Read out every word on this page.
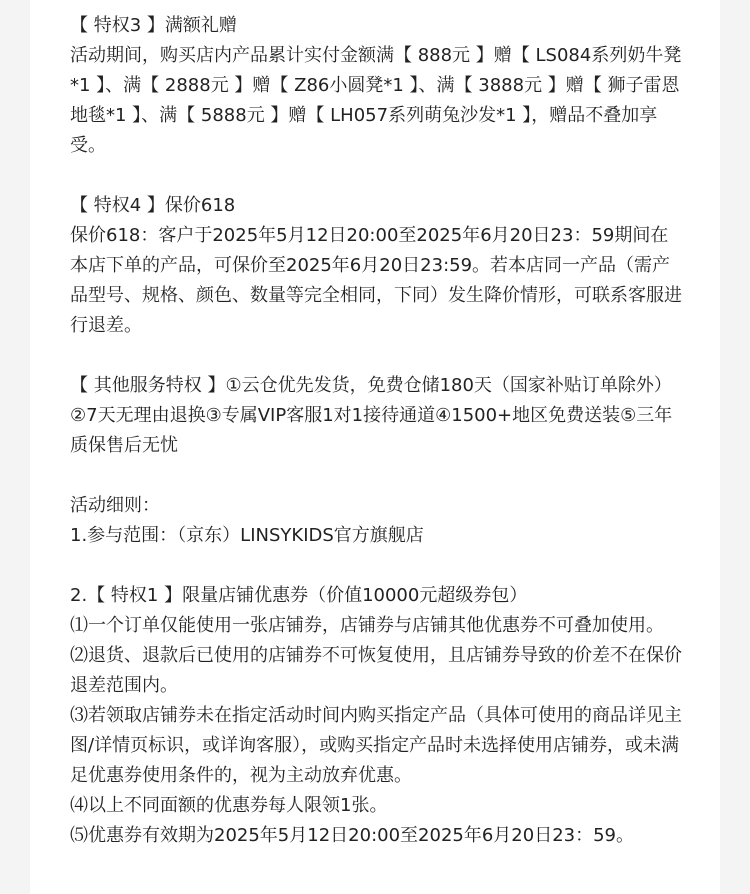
【 特权3 】满额礼赠

活动期间，购买店内产品累计实付金额满【 888元 】赠【 LS084系列奶牛凳*1 】、满【 2888元 】赠【 Z86小圆凳*1 】、满【 3888元 】赠【 狮子雷恩地毯*1 】、满【 5888元 】赠【 LH057系列萌兔沙发*1 】，赠品不叠加享受。

【 特权4 】保价618

保价618：客户于2025年5月12日20:00至2025年6月20日23：59期间在本店下单的产品，可保价至2025年6月20日23:59。若本店同一产品（需产品型号、规格、颜色、数量等完全相同，下同）发生降价情形，可联系客服进行退差。

【 其他服务特权 】①云仓优先发货，免费仓储180天（国家补贴订单除外）②7天无理由退换③专属VIP客服1对1接待通道④1500+地区免费送装⑤三年质保售后无忧

活动细则：

1.参与范围：（京东）LINSYKIDS官方旗舰店

2.【 特权1 】限量店铺优惠券（价值10000元超级券包）

⑴一个订单仅能使用一张店铺券，店铺券与店铺其他优惠券不可叠加使用。

⑵退货、退款后已使用的店铺券不可恢复使用，且店铺券导致的价差不在保价退差范围内。

⑶若领取店铺券未在指定活动时间内购买指定产品（具体可使用的商品详见主图/详情页标识，或详询客服），或购买指定产品时未选择使用店铺券，或未满足优惠券使用条件的，视为主动放弃优惠。

⑷以上不同面额的优惠券每人限领1张。

⑸优惠券有效期为2025年5月12日20:00至2025年6月20日23：59。
